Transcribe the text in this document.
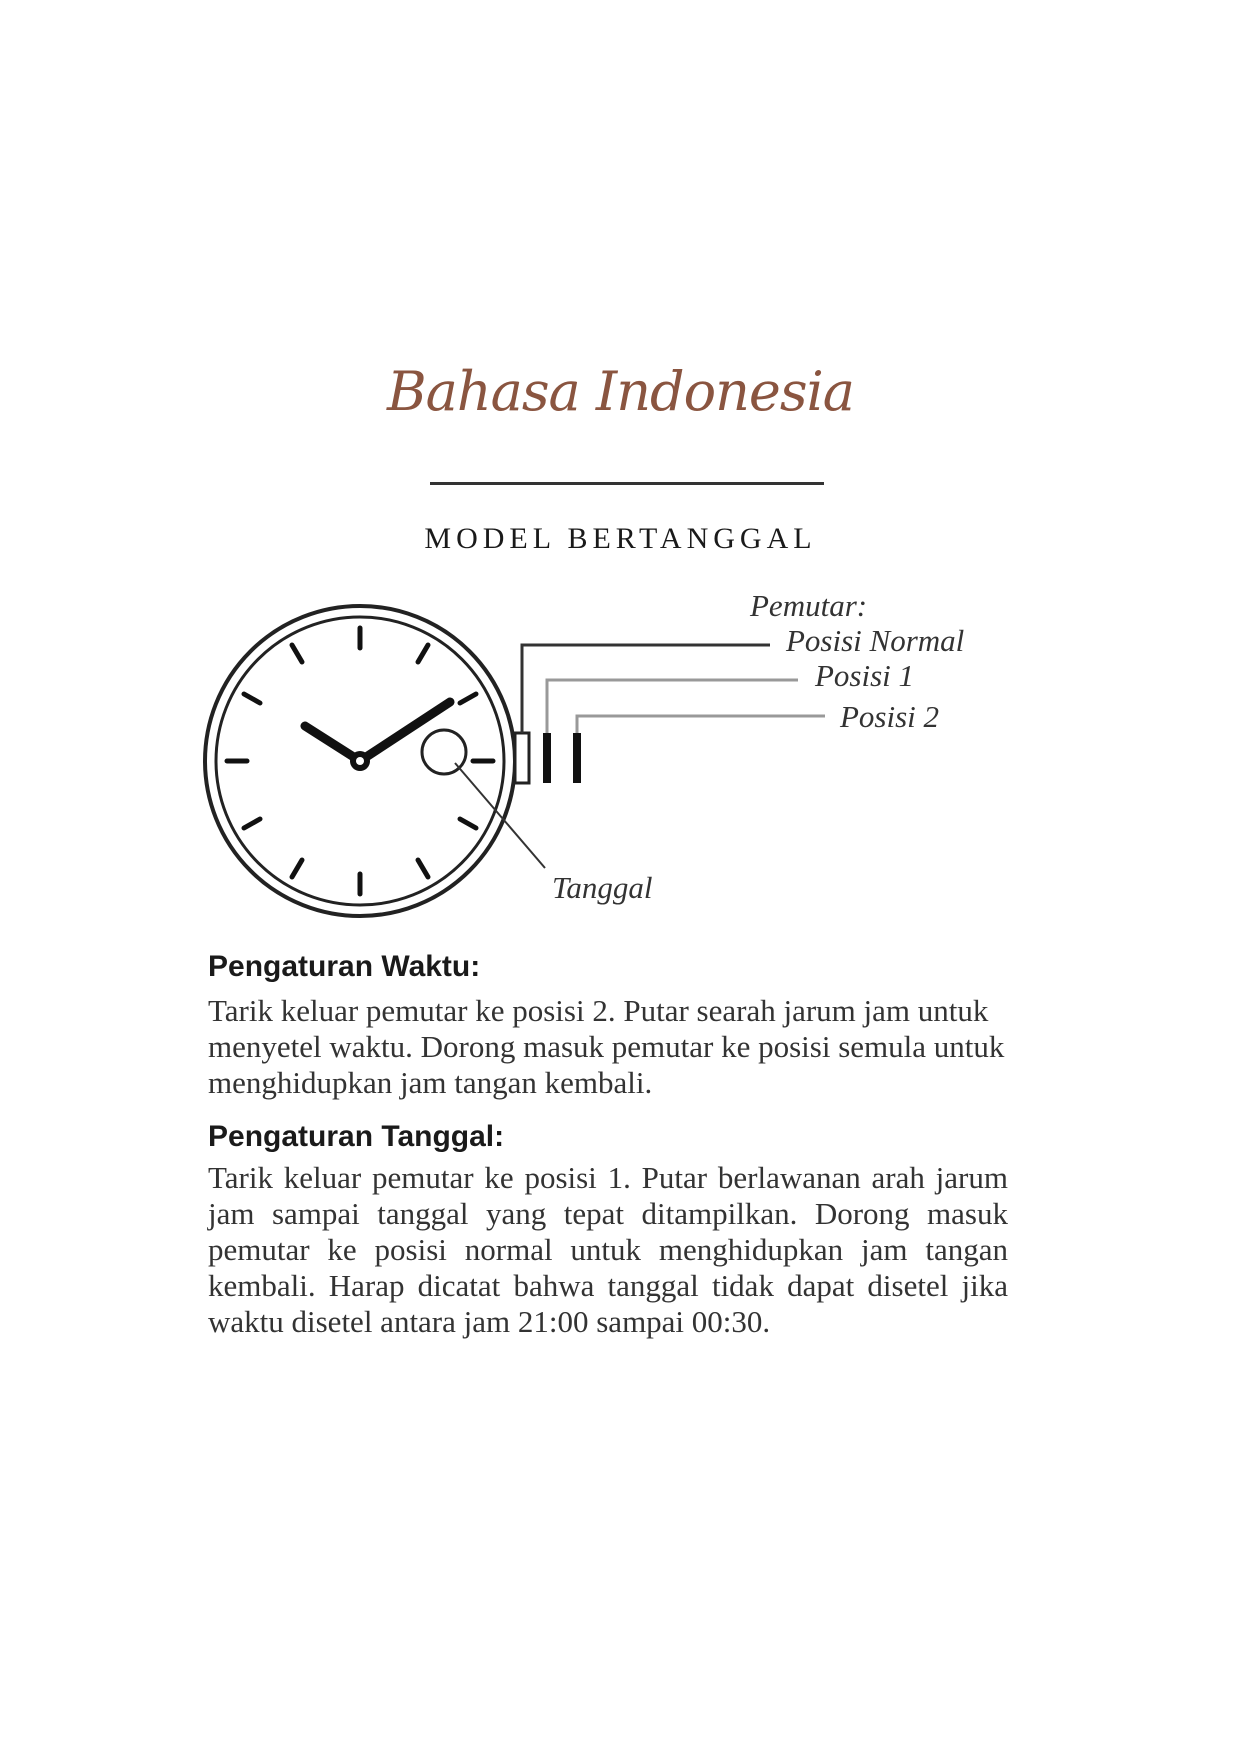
Bahasa Indonesia
MODEL BERTANGGAL
Pemutar:
Posisi Normal
Posisi 1
Posisi 2
Tanggal
Pengaturan Waktu:
Tarik keluar pemutar ke posisi 2. Putar searah jarum jam untuk menyetel waktu. Dorong masuk pemutar ke posisi semula untuk menghidupkan jam tangan kembali.
Pengaturan Tanggal:
Tarik keluar pemutar ke posisi 1. Putar berlawanan arah jarum jam sampai tanggal yang tepat ditampilkan. Dorong masuk pemutar ke posisi normal untuk menghidupkan jam tangan kembali. Harap dicatat bahwa tanggal tidak dapat disetel jika waktu disetel antara jam 21:00 sampai 00:30.
